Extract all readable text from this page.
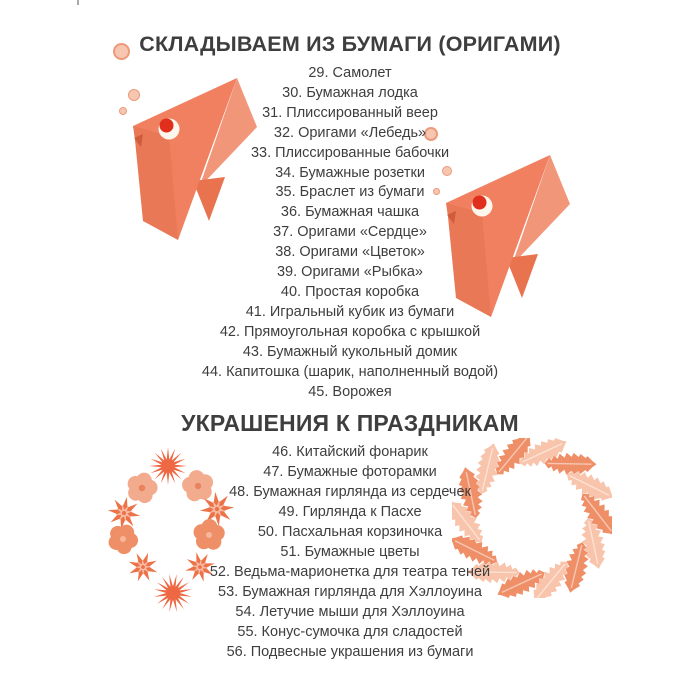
СКЛАДЫВАЕМ ИЗ БУМАГИ (ОРИГАМИ)
29. Самолет
30. Бумажная лодка
31. Плиссированный веер
32. Оригами «Лебедь»
33. Плиссированные бабочки
34. Бумажные розетки
35. Браслет из бумаги
36. Бумажная чашка
37. Оригами «Сердце»
38. Оригами «Цветок»
39. Оригами «Рыбка»
40. Простая коробка
41. Игральный кубик из бумаги
42. Прямоугольная коробка с крышкой
43. Бумажный кукольный домик
44. Капитошка (шарик, наполненный водой)
45. Ворожея
УКРАШЕНИЯ К ПРАЗДНИКАМ
46. Китайский фонарик
47. Бумажные фоторамки
48. Бумажная гирлянда из сердечек
49. Гирлянда к Пасхе
50. Пасхальная корзиночка
51. Бумажные цветы
52. Ведьма-марионетка для театра теней
53. Бумажная гирлянда для Хэллоуина
54. Летучие мыши для Хэллоуина
55. Конус-сумочка для сладостей
56. Подвесные украшения из бумаги
